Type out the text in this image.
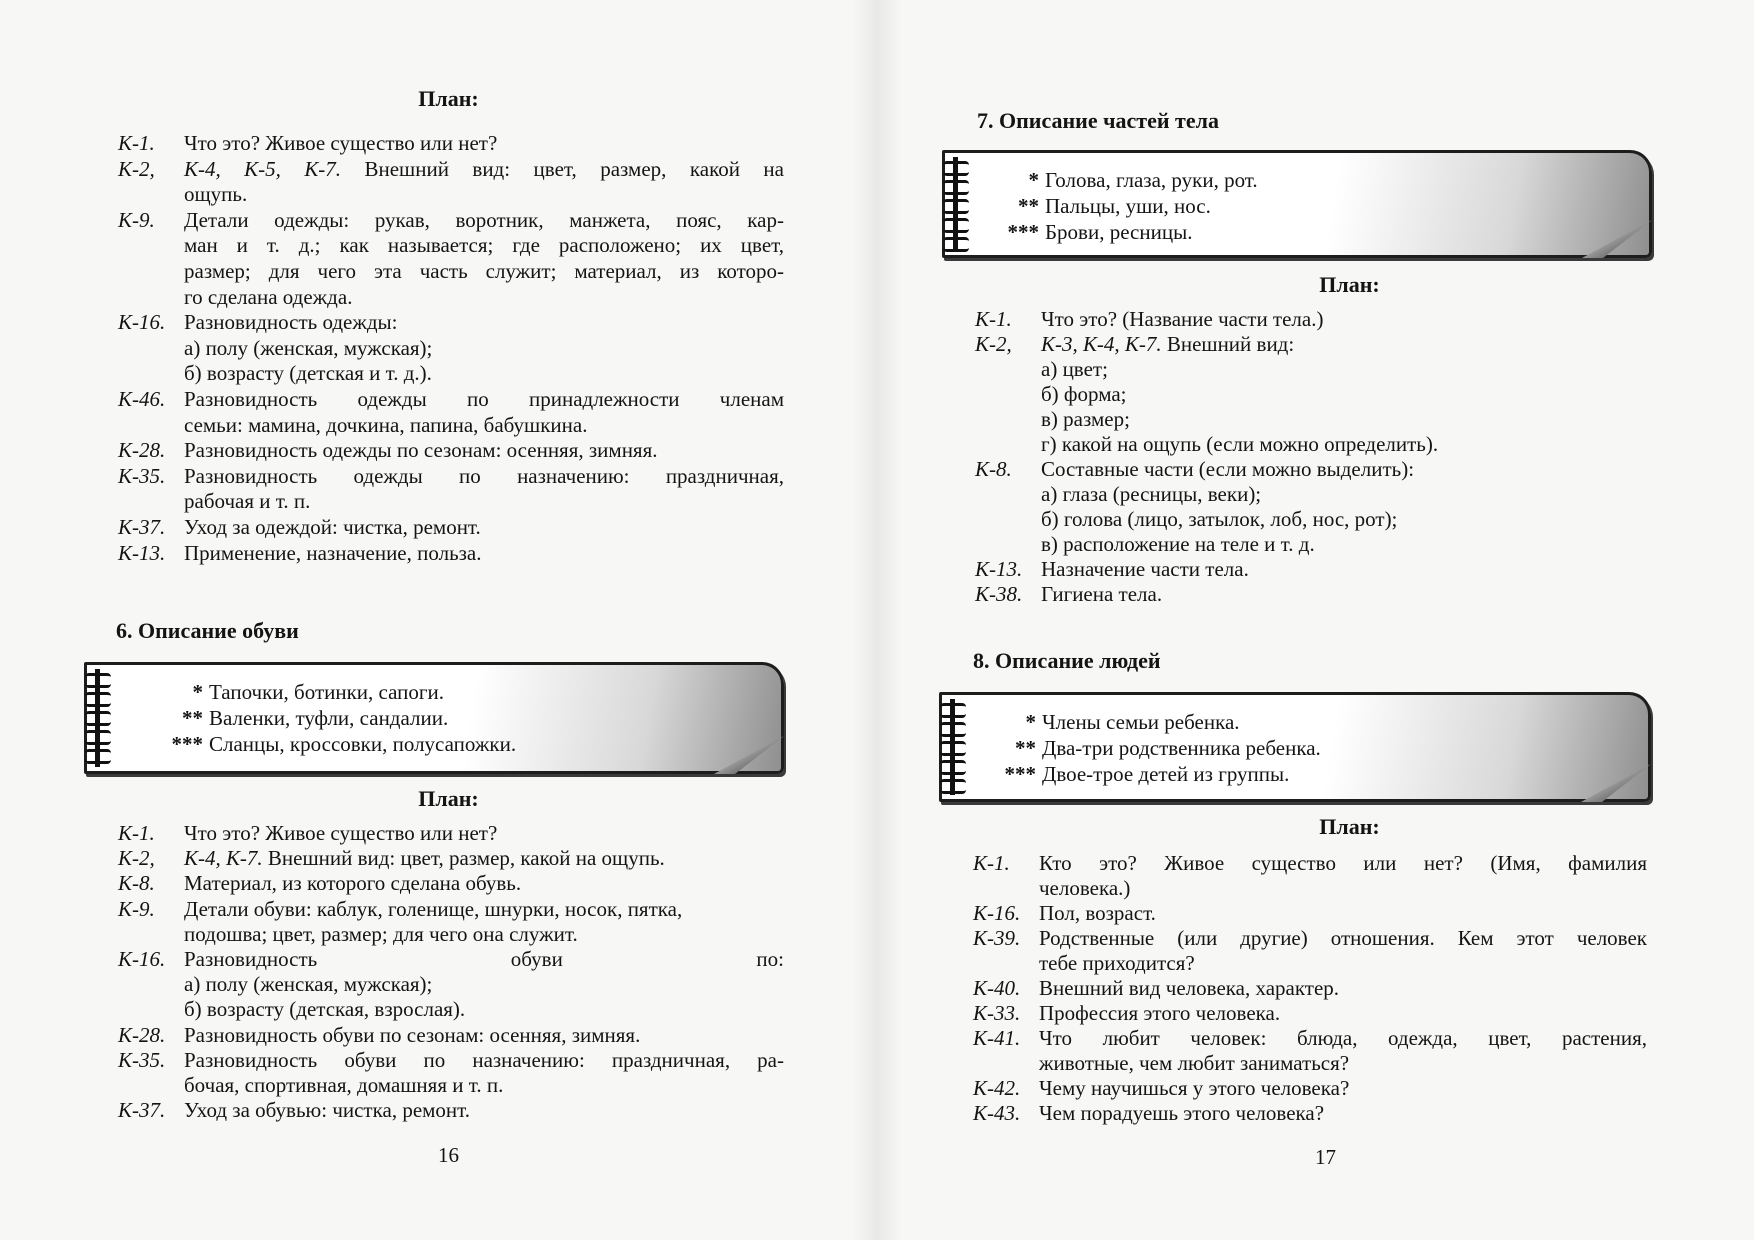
План:
К-1. Что это? Живое существо или нет?
К-2, К-4, К-5, К-7. Внешний вид: цвет, размер, какой на
ощупь.
К-9. Детали одежды: рукав, воротник, манжета, пояс, кар-
ман и т. д.; как называется; где расположено; их цвет,
размер; для чего эта часть служит; материал, из которо-
го сделана одежда.
К-16. Разновидность одежды:
а) полу (женская, мужская);
б) возрасту (детская и т. д.).
К-46. Разновидность одежды по принадлежности членам
семьи: мамина, дочкина, папина, бабушкина.
К-28. Разновидность одежды по сезонам: осенняя, зимняя.
К-35. Разновидность одежды по назначению: праздничная,
рабочая и т. п.
К-37. Уход за одеждой: чистка, ремонт.
К-13. Применение, назначение, польза.
6. Описание обуви
* Тапочки, ботинки, сапоги.
** Валенки, туфли, сандалии.
*** Сланцы, кроссовки, полусапожки.
План:
К-1. Что это? Живое существо или нет?
К-2, К-4, К-7. Внешний вид: цвет, размер, какой на ощупь.
К-8. Материал, из которого сделана обувь.
К-9. Детали обуви: каблук, голенище, шнурки, носок, пятка,
подошва; цвет, размер; для чего она служит.
К-16. Разновидность обуви по:
а) полу (женская, мужская);
б) возрасту (детская, взрослая).
К-28. Разновидность обуви по сезонам: осенняя, зимняя.
К-35. Разновидность обуви по назначению: праздничная, ра-
бочая, спортивная, домашняя и т. п.
К-37. Уход за обувью: чистка, ремонт.
16
7. Описание частей тела
* Голова, глаза, руки, рот.
** Пальцы, уши, нос.
*** Брови, ресницы.
План:
К-1. Что это? (Название части тела.)
К-2, К-3, К-4, К-7. Внешний вид:
а) цвет;
б) форма;
в) размер;
г) какой на ощупь (если можно определить).
К-8. Составные части (если можно выделить):
а) глаза (ресницы, веки);
б) голова (лицо, затылок, лоб, нос, рот);
в) расположение на теле и т. д.
К-13. Назначение части тела.
К-38. Гигиена тела.
8. Описание людей
* Члены семьи ребенка.
** Два-три родственника ребенка.
*** Двое-трое детей из группы.
План:
К-1. Кто это? Живое существо или нет? (Имя, фамилия
человека.)
К-16. Пол, возраст.
К-39. Родственные (или другие) отношения. Кем этот человек
тебе приходится?
К-40. Внешний вид человека, характер.
К-33. Профессия этого человека.
К-41. Что любит человек: блюда, одежда, цвет, растения,
животные, чем любит заниматься?
К-42. Чему научишься у этого человека?
К-43. Чем порадуешь этого человека?
17
